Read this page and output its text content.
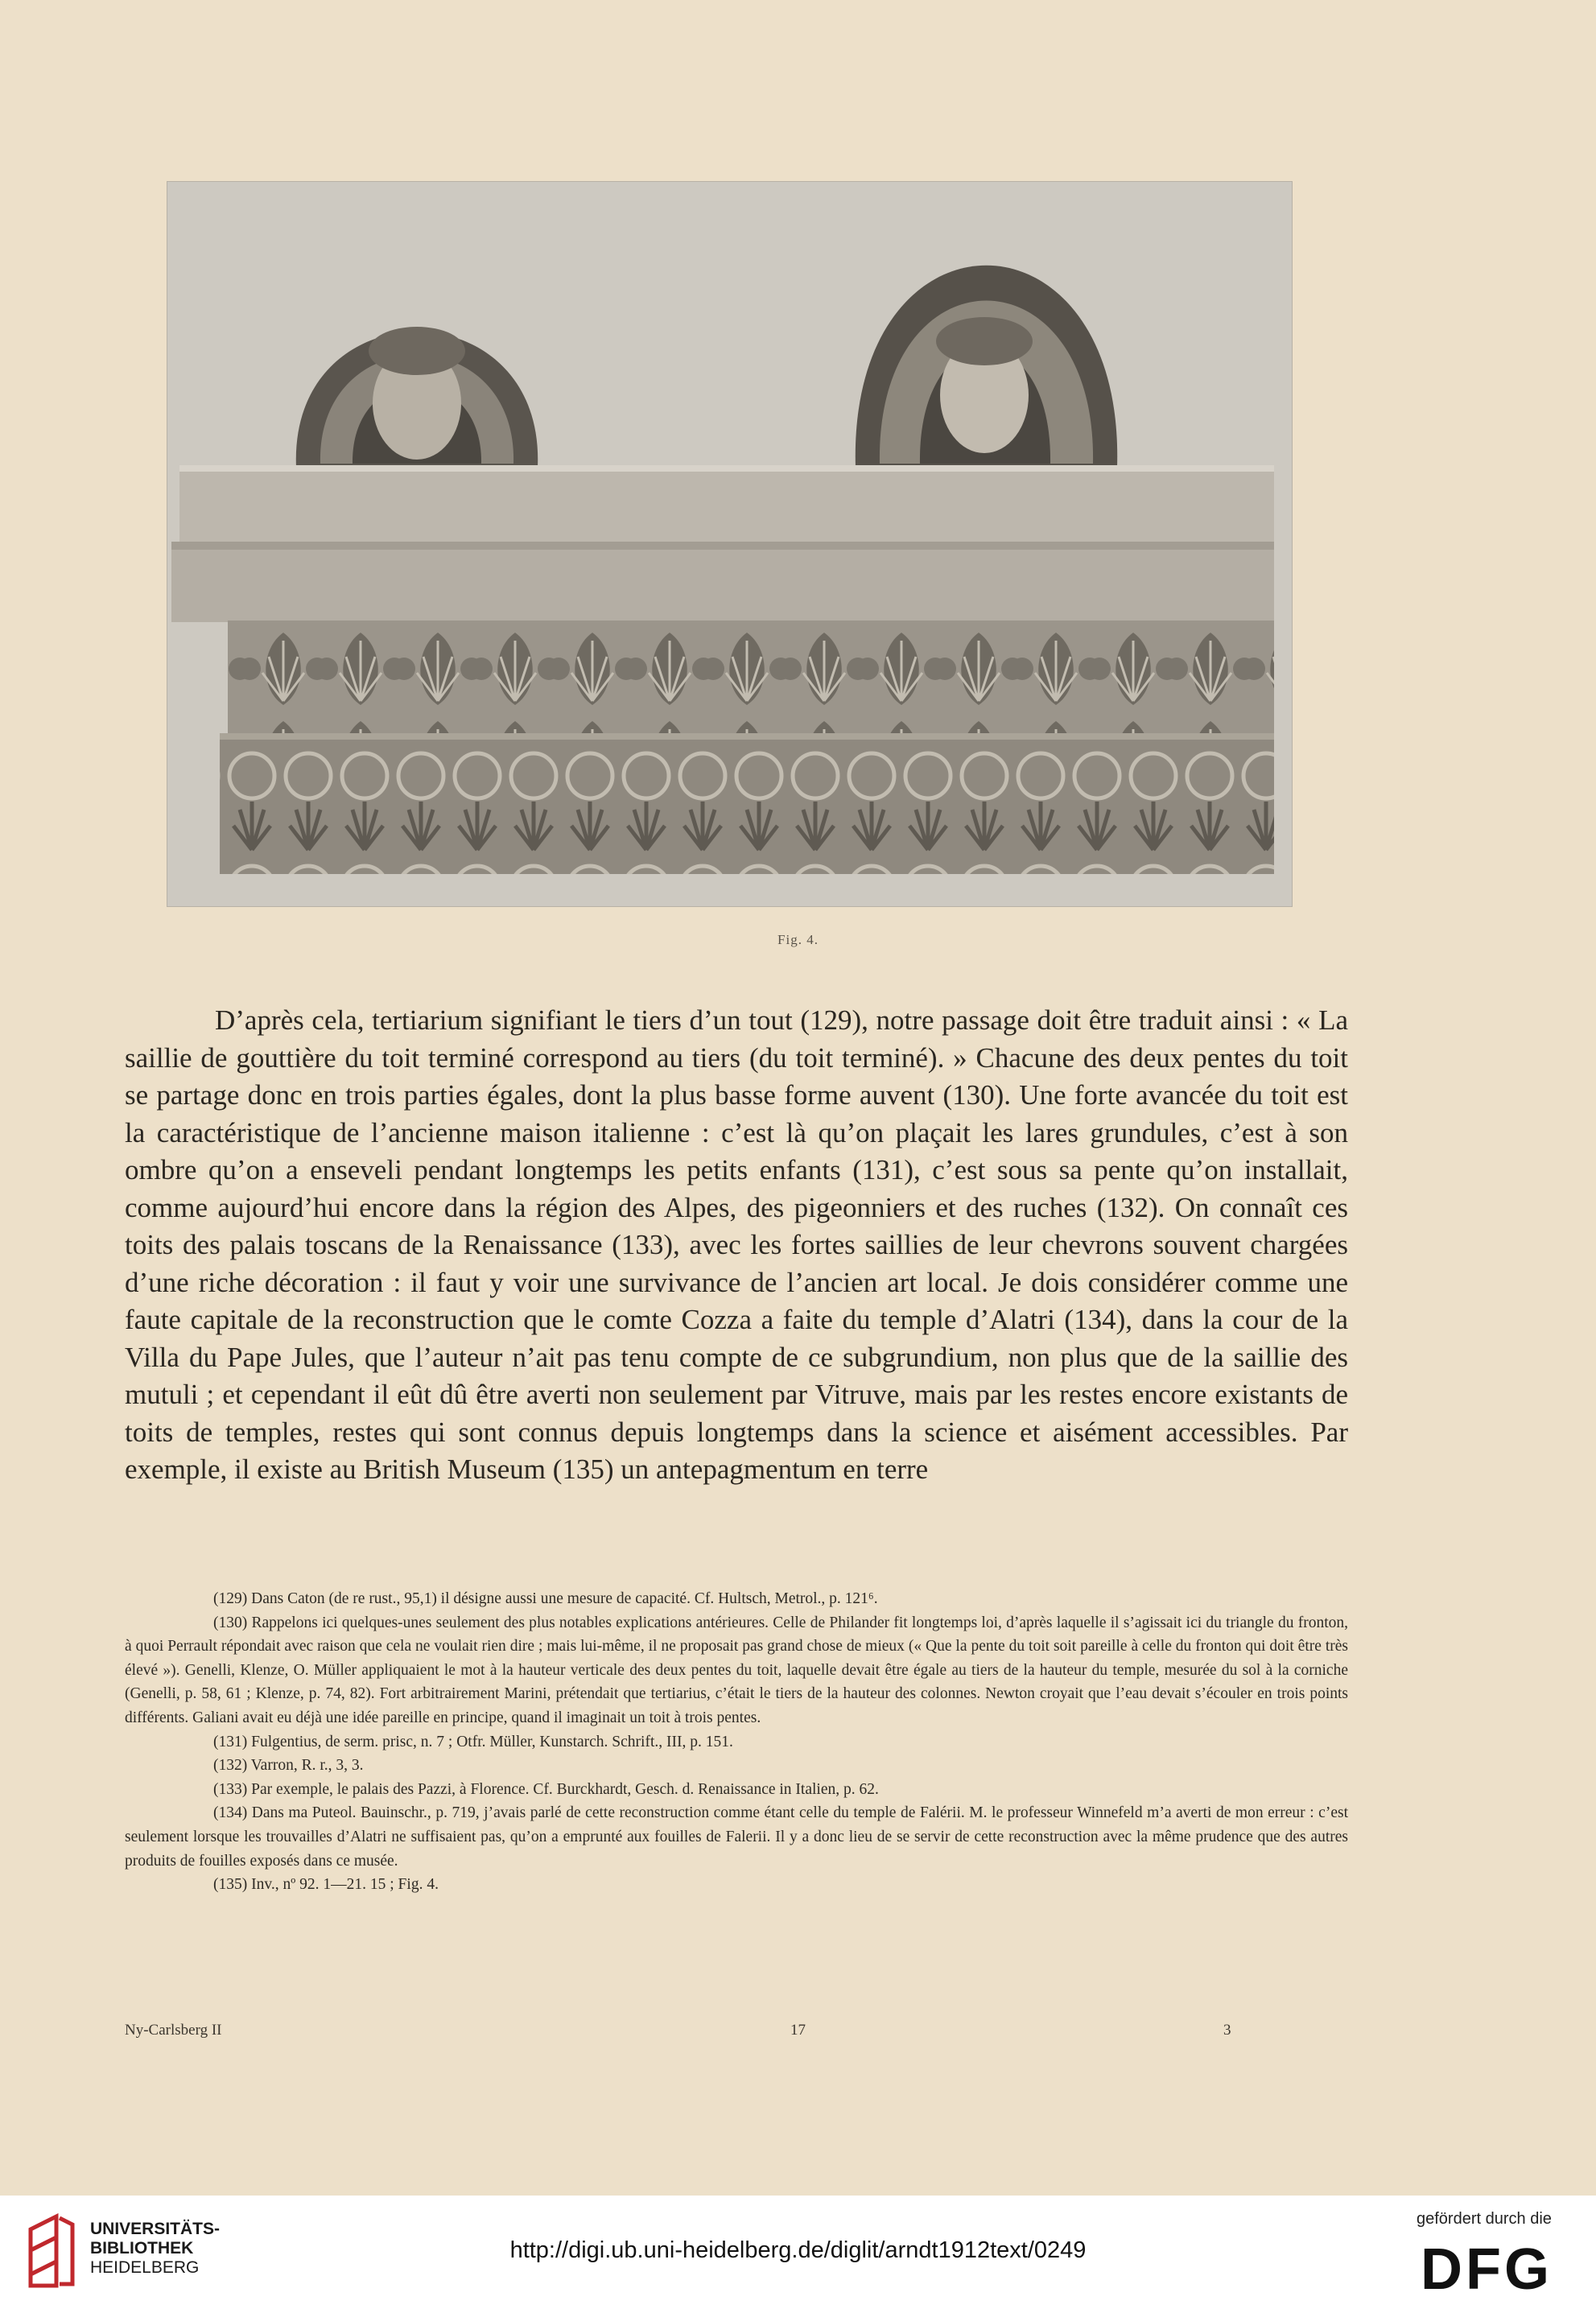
Fig. 4.

D’après cela, tertiarium signifiant le tiers d’un tout (129), notre passage doit être traduit ainsi : « La saillie de gouttière du toit terminé correspond au tiers (du toit terminé). » Chacune des deux pentes du toit se partage donc en trois parties égales, dont la plus basse forme auvent (130). Une forte avancée du toit est la caractéristique de l’ancienne maison italienne : c’est là qu’on plaçait les lares grundules, c’est à son ombre qu’on a enseveli pendant longtemps les petits enfants (131), c’est sous sa pente qu’on installait, comme aujourd’hui encore dans la région des Alpes, des pigeonniers et des ruches (132). On connaît ces toits des palais toscans de la Renaissance (133), avec les fortes saillies de leur chevrons souvent chargées d’une riche décoration : il faut y voir une survivance de l’ancien art local. Je dois considérer comme une faute capitale de la reconstruction que le comte Cozza a faite du temple d’Alatri (134), dans la cour de la Villa du Pape Jules, que l’auteur n’ait pas tenu compte de ce subgrundium, non plus que de la saillie des mutuli ; et cependant il eût dû être averti non seulement par Vitruve, mais par les restes encore existants de toits de temples, restes qui sont connus depuis longtemps dans la science et aisément accessibles. Par exemple, il existe au British Museum (135) un antepagmentum en terre

(129) Dans Caton (de re rust., 95,1) il désigne aussi une mesure de capacité. Cf. Hultsch, Metrol., p. 121⁶.

(130) Rappelons ici quelques-unes seulement des plus notables explications antérieures. Celle de Philander fit longtemps loi, d’après laquelle il s’agissait ici du triangle du fronton, à quoi Perrault répondait avec raison que cela ne voulait rien dire ; mais lui-même, il ne proposait pas grand chose de mieux (« Que la pente du toit soit pareille à celle du fronton qui doit être très élevé »). Genelli, Klenze, O. Müller appliquaient le mot à la hauteur verticale des deux pentes du toit, laquelle devait être égale au tiers de la hauteur du temple, mesurée du sol à la corniche (Genelli, p. 58, 61 ; Klenze, p. 74, 82). Fort arbitrairement Marini, prétendait que tertiarius, c’était le tiers de la hauteur des colonnes. Newton croyait que l’eau devait s’écouler en trois points différents. Galiani avait eu déjà une idée pareille en principe, quand il imaginait un toit à trois pentes.

(131) Fulgentius, de serm. prisc, n. 7 ; Otfr. Müller, Kunstarch. Schrift., III, p. 151.

(132) Varron, R. r., 3, 3.

(133) Par exemple, le palais des Pazzi, à Florence. Cf. Burckhardt, Gesch. d. Renaissance in Italien, p. 62.

(134) Dans ma Puteol. Bauinschr., p. 719, j’avais parlé de cette reconstruction comme étant celle du temple de Falérii. M. le professeur Winnefeld m’a averti de mon erreur : c’est seulement lorsque les trouvailles d’Alatri ne suffisaient pas, qu’on a emprunté aux fouilles de Falerii. Il y a donc lieu de se servir de cette reconstruction avec la même prudence que des autres produits de fouilles exposés dans ce musée.

(135) Inv., nº 92. 1—21. 15 ; Fig. 4.

Ny-Carlsberg II	17	3
UNIVERSITÄTS-
BIBLIOTHEK
HEIDELBERG
http://digi.ub.uni-heidelberg.de/diglit/arndt1912text/0249
gefördert durch die
DFG
